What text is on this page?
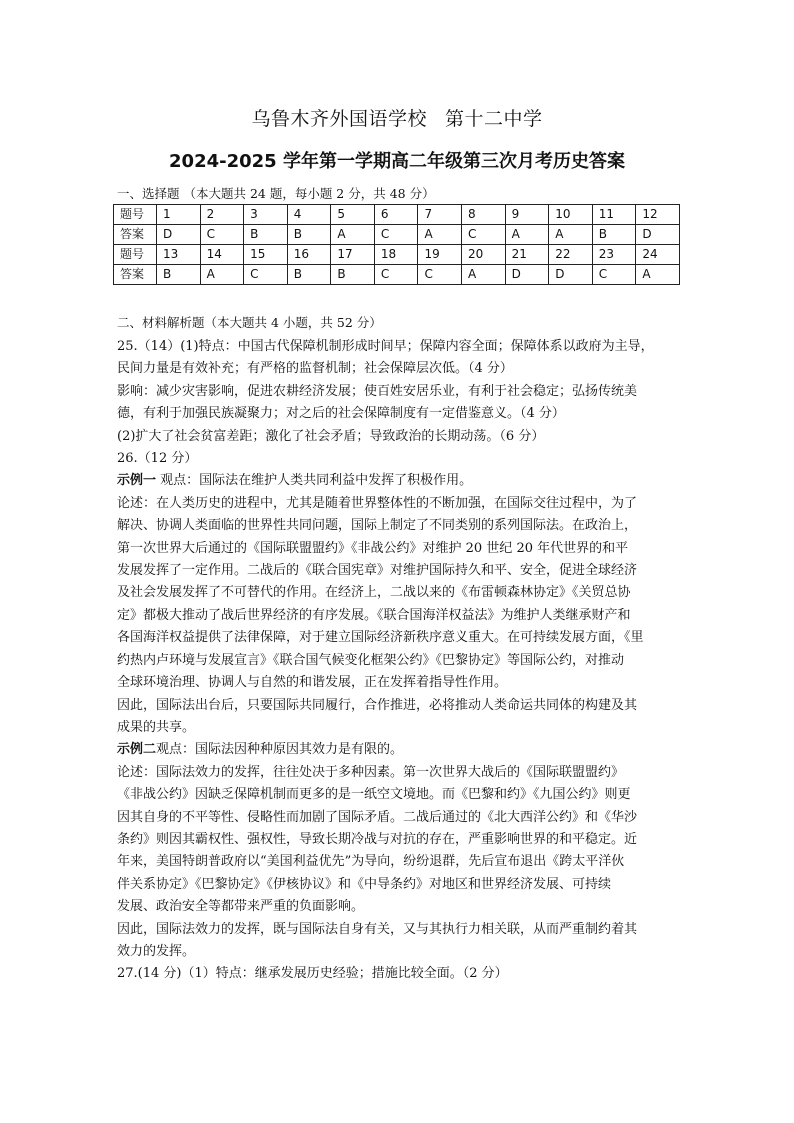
乌鲁木齐外国语学校 第十二中学
2024-2025 学年第一学期高二年级第三次月考历史答案
一、选择题 （本大题共 24 题，每小题 2 分，共 48 分）
题号	1	2	3	4	5	6	7	8	9	10	11	12
答案	D	C	B	B	A	C	A	C	A	A	B	D
题号	13	14	15	16	17	18	19	20	21	22	23	24
答案	B	A	C	B	B	C	C	A	D	D	C	A
二、材料解析题（本大题共 4 小题，共 52 分）

25.（14）(1)特点：中国古代保障机制形成时间早；保障内容全面；保障体系以政府为主导，

民间力量是有效补充；有严格的监督机制；社会保障层次低。（4 分）

影响：减少灾害影响，促进农耕经济发展；使百姓安居乐业，有利于社会稳定；弘扬传统美

德，有利于加强民族凝聚力；对之后的社会保障制度有一定借鉴意义。（4 分）

(2)扩大了社会贫富差距；激化了社会矛盾；导致政治的长期动荡。（6 分）

26.（12 分）

示例一 观点：国际法在维护人类共同利益中发挥了积极作用。

论述：在人类历史的进程中，尤其是随着世界整体性的不断加强，在国际交往过程中，为了

解决、协调人类面临的世界性共同问题，国际上制定了不同类别的系列国际法。在政治上，

第一次世界大后通过的《国际联盟盟约》《非战公约》对维护 20 世纪 20 年代世界的和平

发展发挥了一定作用。二战后的《联合国宪章》对维护国际持久和平、安全，促进全球经济

及社会发展发挥了不可替代的作用。在经济上，二战以来的《布雷顿森林协定》《关贸总协

定》都极大推动了战后世界经济的有序发展。《联合国海洋权益法》为维护人类继承财产和

各国海洋权益提供了法律保障，对于建立国际经济新秩序意义重大。在可持续发展方面，《里

约热内卢环境与发展宣言》《联合国气候变化框架公约》《巴黎协定》等国际公约，对推动

全球环境治理、协调人与自然的和谐发展，正在发挥着指导性作用。

因此，国际法出台后，只要国际共同履行，合作推进，必将推动人类命运共同体的构建及其

成果的共享。

示例二观点：国际法因种种原因其效力是有限的。

论述：国际法效力的发挥，往往处决于多种因素。第一次世界大战后的《国际联盟盟约》

《非战公约》因缺乏保障机制而更多的是一纸空文境地。而《巴黎和约》《九国公约》则更

因其自身的不平等性、侵略性而加剧了国际矛盾。二战后通过的《北大西洋公约》和《华沙

条约》则因其霸权性、强权性，导致长期冷战与对抗的存在，严重影响世界的和平稳定。近

年来，美国特朗普政府以“美国利益优先”为导向，纷纷退群，先后宣布退出《跨太平洋伙

伴关系协定》《巴黎协定》《伊核协议》和《中导条约》对地区和世界经济发展、可持续

发展、政治安全等都带来严重的负面影响。

因此，国际法效力的发挥，既与国际法自身有关，又与其执行力相关联，从而严重制约着其

效力的发挥。

27.(14 分)（1）特点：继承发展历史经验；措施比较全面。（2 分）
